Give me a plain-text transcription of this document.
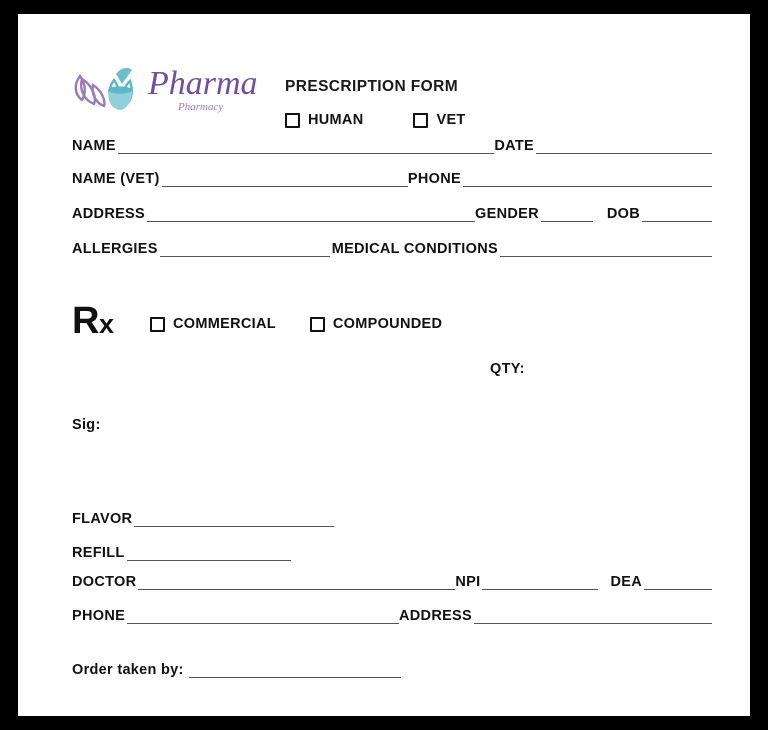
Pharma
Pharmacy
PRESCRIPTION FORM
HUMAN	VET
NAME	DATE
NAME (VET)	PHONE
ADDRESS	GENDER	DOB
ALLERGIES	MEDICAL CONDITIONS
Rx	COMMERCIAL	COMPOUNDED
QTY:
Sig:
FLAVOR
REFILL
DOCTOR	NPI	DEA
PHONE	ADDRESS
Order taken by:
